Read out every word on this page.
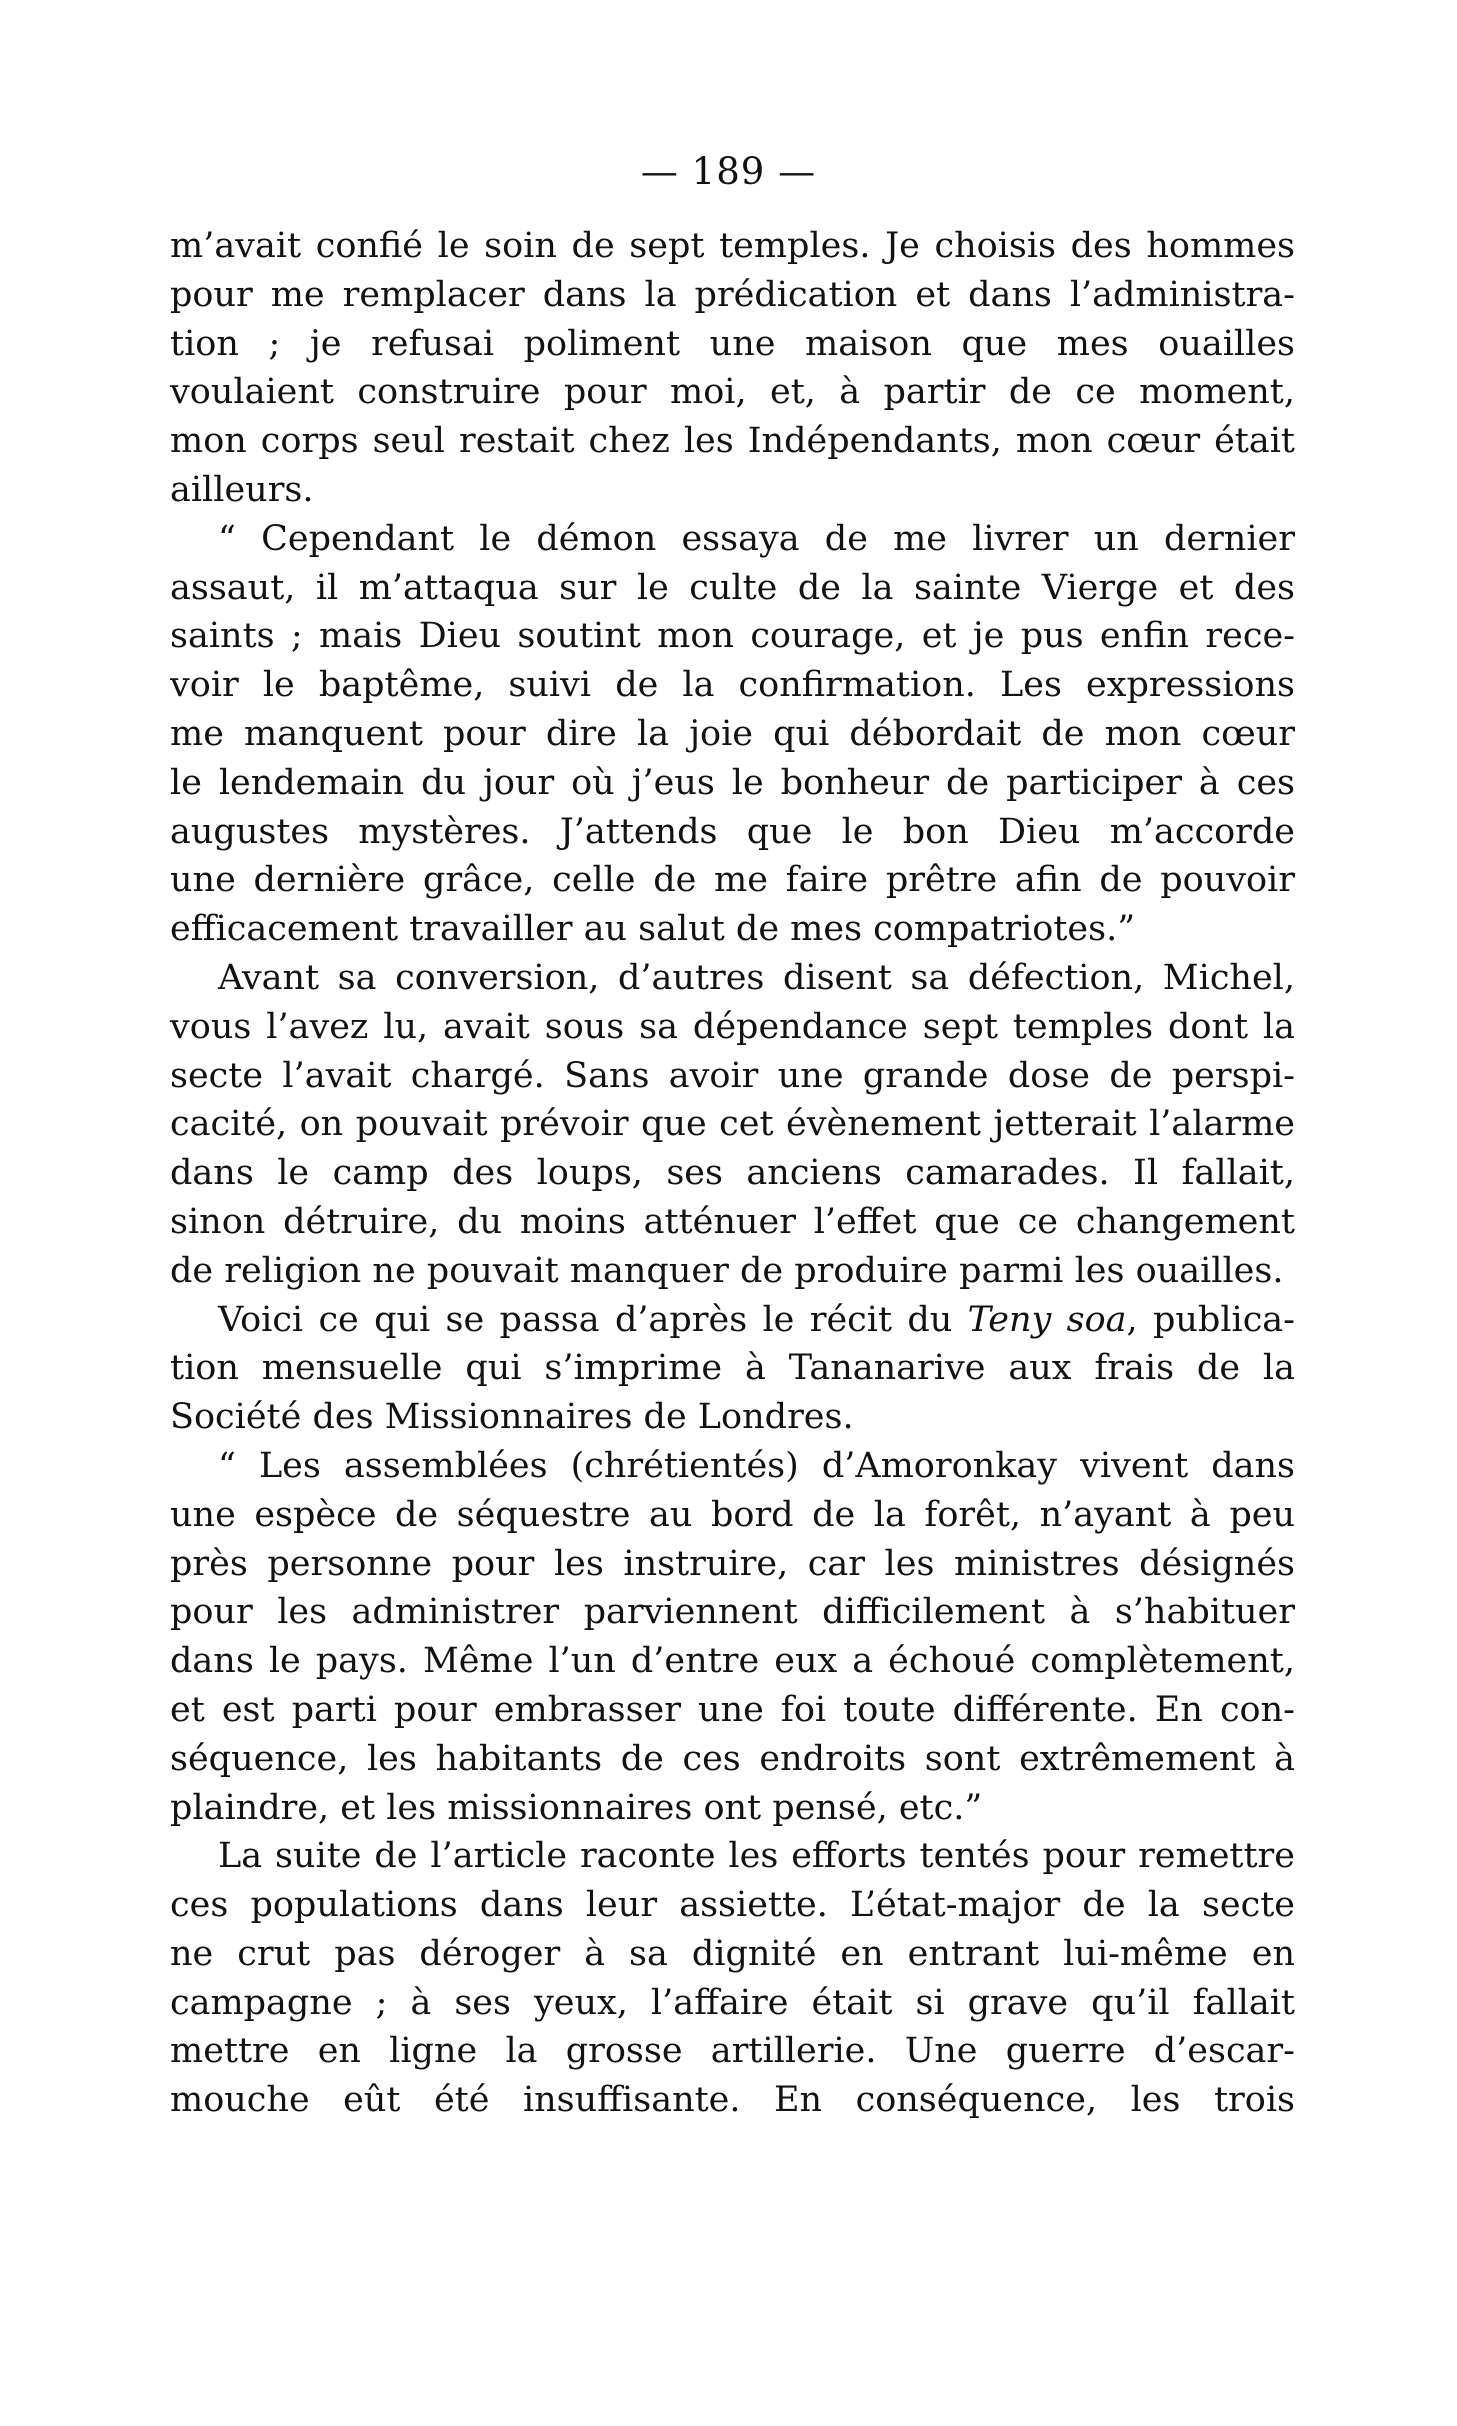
— 189 —
m’avait confié le soin de sept temples. Je choisis des hommes
pour me remplacer dans la prédication et dans l’administra-
tion ; je refusai poliment une maison que mes ouailles
voulaient construire pour moi, et, à partir de ce moment,
mon corps seul restait chez les Indépendants, mon cœur était
ailleurs.
“ Cependant le démon essaya de me livrer un dernier
assaut, il m’attaqua sur le culte de la sainte Vierge et des
saints ; mais Dieu soutint mon courage, et je pus enfin rece-
voir le baptême, suivi de la confirmation. Les expressions
me manquent pour dire la joie qui débordait de mon cœur
le lendemain du jour où j’eus le bonheur de participer à ces
augustes mystères. J’attends que le bon Dieu m’accorde
une dernière grâce, celle de me faire prêtre afin de pouvoir
efficacement travailler au salut de mes compatriotes.”
Avant sa conversion, d’autres disent sa défection, Michel,
vous l’avez lu, avait sous sa dépendance sept temples dont la
secte l’avait chargé. Sans avoir une grande dose de perspi-
cacité, on pouvait prévoir que cet évènement jetterait l’alarme
dans le camp des loups, ses anciens camarades. Il fallait,
sinon détruire, du moins atténuer l’effet que ce changement
de religion ne pouvait manquer de produire parmi les ouailles.
Voici ce qui se passa d’après le récit du Teny soa, publica-
tion mensuelle qui s’imprime à Tananarive aux frais de la
Société des Missionnaires de Londres.
“ Les assemblées (chrétientés) d’Amoronkay vivent dans
une espèce de séquestre au bord de la forêt, n’ayant à peu
près personne pour les instruire, car les ministres désignés
pour les administrer parviennent difficilement à s’habituer
dans le pays. Même l’un d’entre eux a échoué complètement,
et est parti pour embrasser une foi toute différente. En con-
séquence, les habitants de ces endroits sont extrêmement à
plaindre, et les missionnaires ont pensé, etc.”
La suite de l’article raconte les efforts tentés pour remettre
ces populations dans leur assiette. L’état-major de la secte
ne crut pas déroger à sa dignité en entrant lui-même en
campagne ; à ses yeux, l’affaire était si grave qu’il fallait
mettre en ligne la grosse artillerie. Une guerre d’escar-
mouche eût été insuffisante. En conséquence, les trois
